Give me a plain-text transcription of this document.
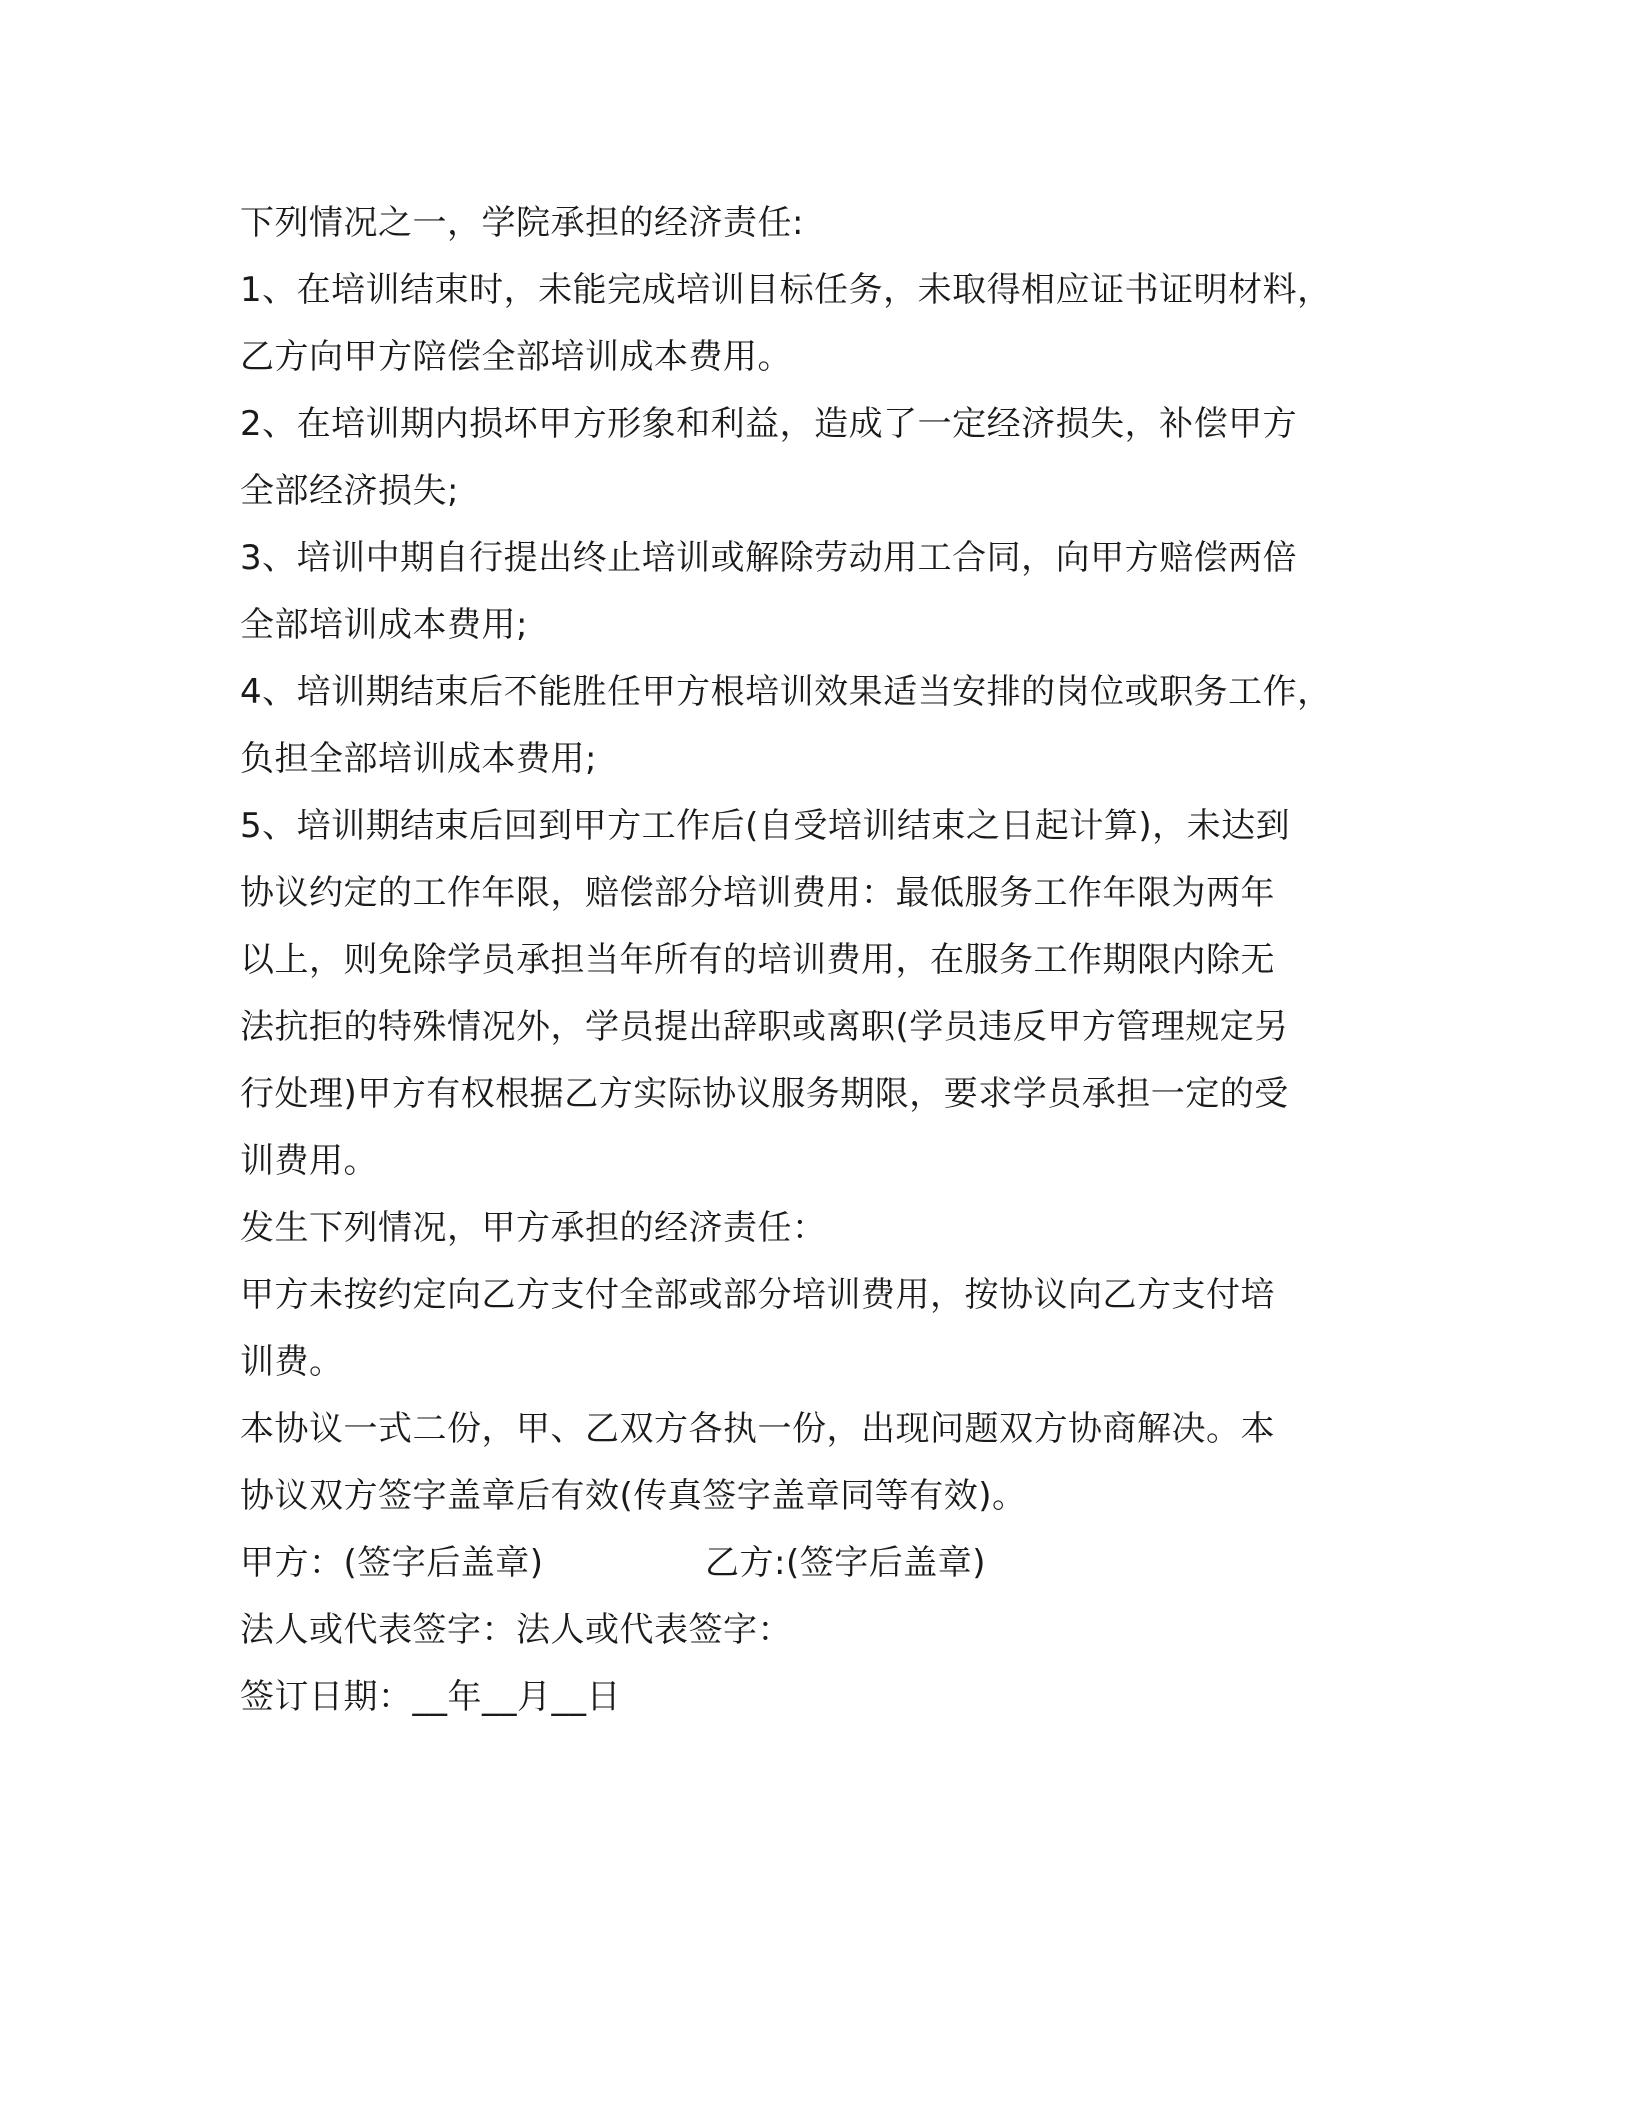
下列情况之一，学院承担的经济责任:
1、在培训结束时，未能完成培训目标任务，未取得相应证书证明材料，
乙方向甲方陪偿全部培训成本费用。
2、在培训期内损坏甲方形象和利益，造成了一定经济损失，补偿甲方
全部经济损失;
3、培训中期自行提出终止培训或解除劳动用工合同，向甲方赔偿两倍
全部培训成本费用;
4、培训期结束后不能胜任甲方根培训效果适当安排的岗位或职务工作，
负担全部培训成本费用;
5、培训期结束后回到甲方工作后(自受培训结束之日起计算)，未达到
协议约定的工作年限，赔偿部分培训费用：最低服务工作年限为两年
以上，则免除学员承担当年所有的培训费用，在服务工作期限内除无
法抗拒的特殊情况外，学员提出辞职或离职(学员违反甲方管理规定另
行处理)甲方有权根据乙方实际协议服务期限，要求学员承担一定的受
训费用。
发生下列情况，甲方承担的经济责任：
甲方未按约定向乙方支付全部或部分培训费用，按协议向乙方支付培
训费。
本协议一式二份，甲、乙双方各执一份，出现问题双方协商解决。本
协议双方签字盖章后有效(传真签字盖章同等有效)。
甲方：(签字后盖章)	乙方:(签字后盖章)
法人或代表签字：法人或代表签字：
签订日期：__年__月__日
